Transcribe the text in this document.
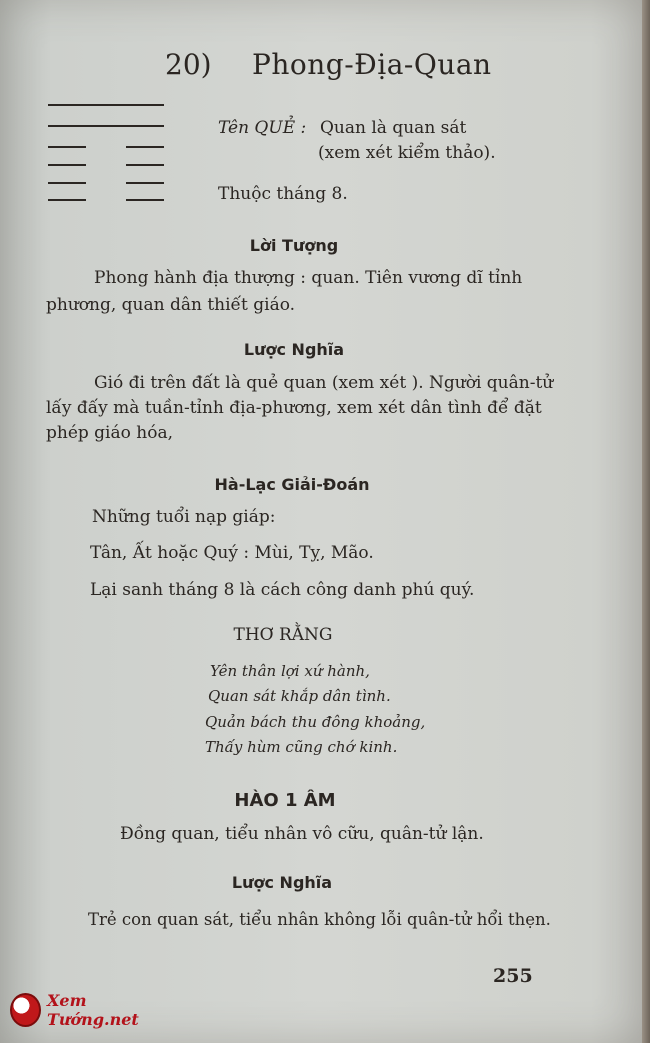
20) Phong-Địa-Quan
Tên QUẺ : Quan là quan sát
(xem xét kiểm thảo).
Thuộc tháng 8.
Lời Tượng
Phong hành địa thượng : quan. Tiên vương dĩ tỉnh
phương, quan dân thiết giáo.
Lược Nghĩa
Gió đi trên đất là quẻ quan (xem xét ). Người quân-tử
lấy đấy mà tuần-tỉnh địa-phương, xem xét dân tình để đặt
phép giáo hóa,
Hà-Lạc Giải-Đoán
Những tuổi nạp giáp:
Tân, Ất hoặc Quý : Mùi, Tỵ, Mão.
Lại sanh tháng 8 là cách công danh phú quý.
THƠ RẰNG
Yên thân lợi xứ hành,
Quan sát khắp dân tình.
Quản bách thu đông khoảng,
Thấy hùm cũng chớ kinh.
HÀO 1 ÂM
Đồng quan, tiểu nhân vô cữu, quân-tử lận.
Lược Nghĩa
Trẻ con quan sát, tiểu nhân không lỗi quân-tử hổi thẹn.
255
Xem Tướng.net
